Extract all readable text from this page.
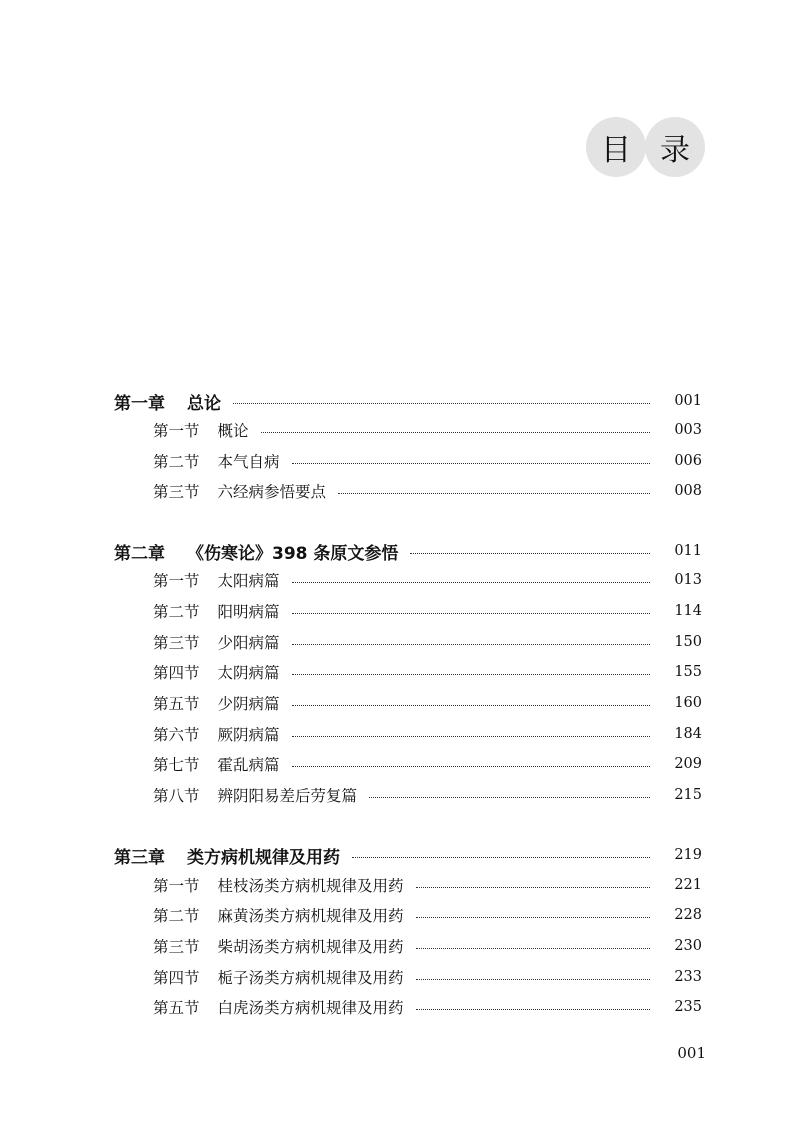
目 录
第一章 总论	001
第一节 概论	003
第二节 本气自病	006
第三节 六经病参悟要点	008
第二章 《伤寒论》398 条原文参悟	011
第一节 太阳病篇	013
第二节 阳明病篇	114
第三节 少阳病篇	150
第四节 太阴病篇	155
第五节 少阴病篇	160
第六节 厥阴病篇	184
第七节 霍乱病篇	209
第八节 辨阴阳易差后劳复篇	215
第三章 类方病机规律及用药	219
第一节 桂枝汤类方病机规律及用药	221
第二节 麻黄汤类方病机规律及用药	228
第三节 柴胡汤类方病机规律及用药	230
第四节 栀子汤类方病机规律及用药	233
第五节 白虎汤类方病机规律及用药	235
001
